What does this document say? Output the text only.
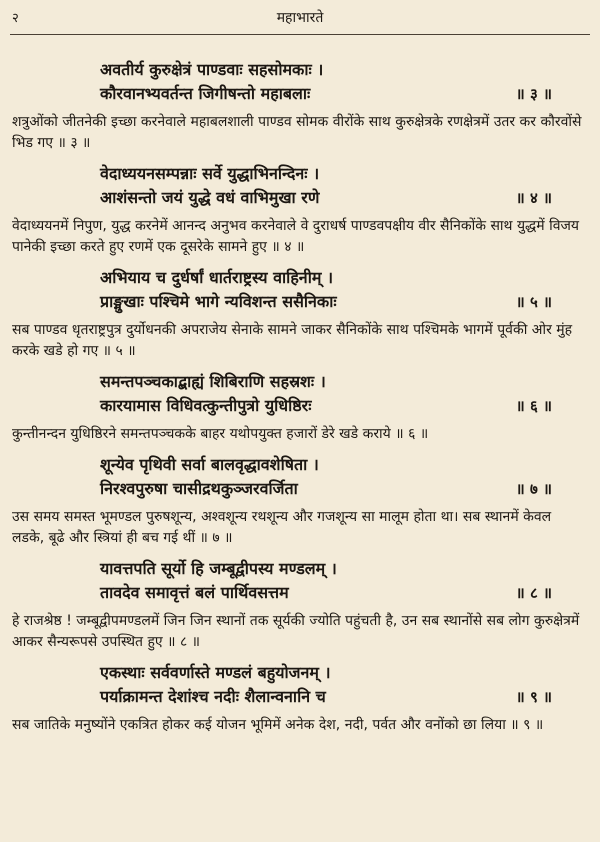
२	महाभारते
अवतीर्य कुरुक्षेत्रं पाण्डवाः सहसोमकाः ।
कौरवानभ्यवर्तन्त जिगीषन्तो महाबलाः	॥ ३ ॥
शत्रुओंको जीतनेकी इच्छा करनेवाले महाबलशाली पाण्डव सोमक वीरोंके साथ कुरुक्षेत्रके रणक्षेत्रमें उतर कर कौरवोंसे भिड गए ॥ ३ ॥
वेदाध्ययनसम्पन्नाः सर्वे युद्धाभिनन्दिनः ।
आशंसन्तो जयं युद्धे वधं वाभिमुखा रणे	॥ ४ ॥
वेदाध्ययनमें निपुण, युद्ध करनेमें आनन्द अनुभव करनेवाले वे दुराधर्ष पाण्डवपक्षीय वीर सैनिकोंके साथ युद्धमें विजय पानेकी इच्छा करते हुए रणमें एक दूसरेके सामने हुए ॥ ४ ॥
अभियाय च दुर्धर्षां धार्तराष्ट्रस्य वाहिनीम् ।
प्राङ्मुखाः पश्चिमे भागे न्यविशन्त ससैनिकाः	॥ ५ ॥
सब पाण्डव धृतराष्ट्रपुत्र दुर्योधनकी अपराजेय सेनाके सामने जाकर सैनिकोंके साथ पश्चिमके भागमें पूर्वकी ओर मुंह करके खडे हो गए ॥ ५ ॥
समन्तपञ्चकाद्बाह्यं शिबिराणि सहस्रशः ।
कारयामास विधिवत्कुन्तीपुत्रो युधिष्ठिरः	॥ ६ ॥
कुन्तीनन्दन युधिष्ठिरने समन्तपञ्चकके बाहर यथोपयुक्त हजारों डेरे खडे कराये ॥ ६ ॥
शून्येव पृथिवी सर्वा बालवृद्धावशेषिता ।
निरश्वपुरुषा चासीद्रथकुञ्जरवर्जिता	॥ ७ ॥
उस समय समस्त भूमण्डल पुरुषशून्य, अश्वशून्य रथशून्य और गजशून्य सा मालूम होता था। सब स्थानमें केवल लडके, बूढे और स्त्रियां ही बच गई थीं ॥ ७ ॥
यावत्तपति सूर्यो हि जम्बूद्वीपस्य मण्डलम् ।
तावदेव समावृत्तं बलं पार्थिवसत्तम	॥ ८ ॥
हे राजश्रेष्ठ ! जम्बूद्वीपमण्डलमें जिन जिन स्थानों तक सूर्यकी ज्योति पहुंचती है, उन सब स्थानोंसे सब लोग कुरुक्षेत्रमें आकर सैन्यरूपसे उपस्थित हुए ॥ ८ ॥
एकस्थाः सर्ववर्णास्ते मण्डलं बहुयोजनम् ।
पर्याक्रामन्त देशांश्च नदीः शैलान्वनानि च	॥ ९ ॥
सब जातिके मनुष्योंने एकत्रित होकर कई योजन भूमिमें अनेक देश, नदी, पर्वत और वनोंको छा लिया ॥ ९ ॥
